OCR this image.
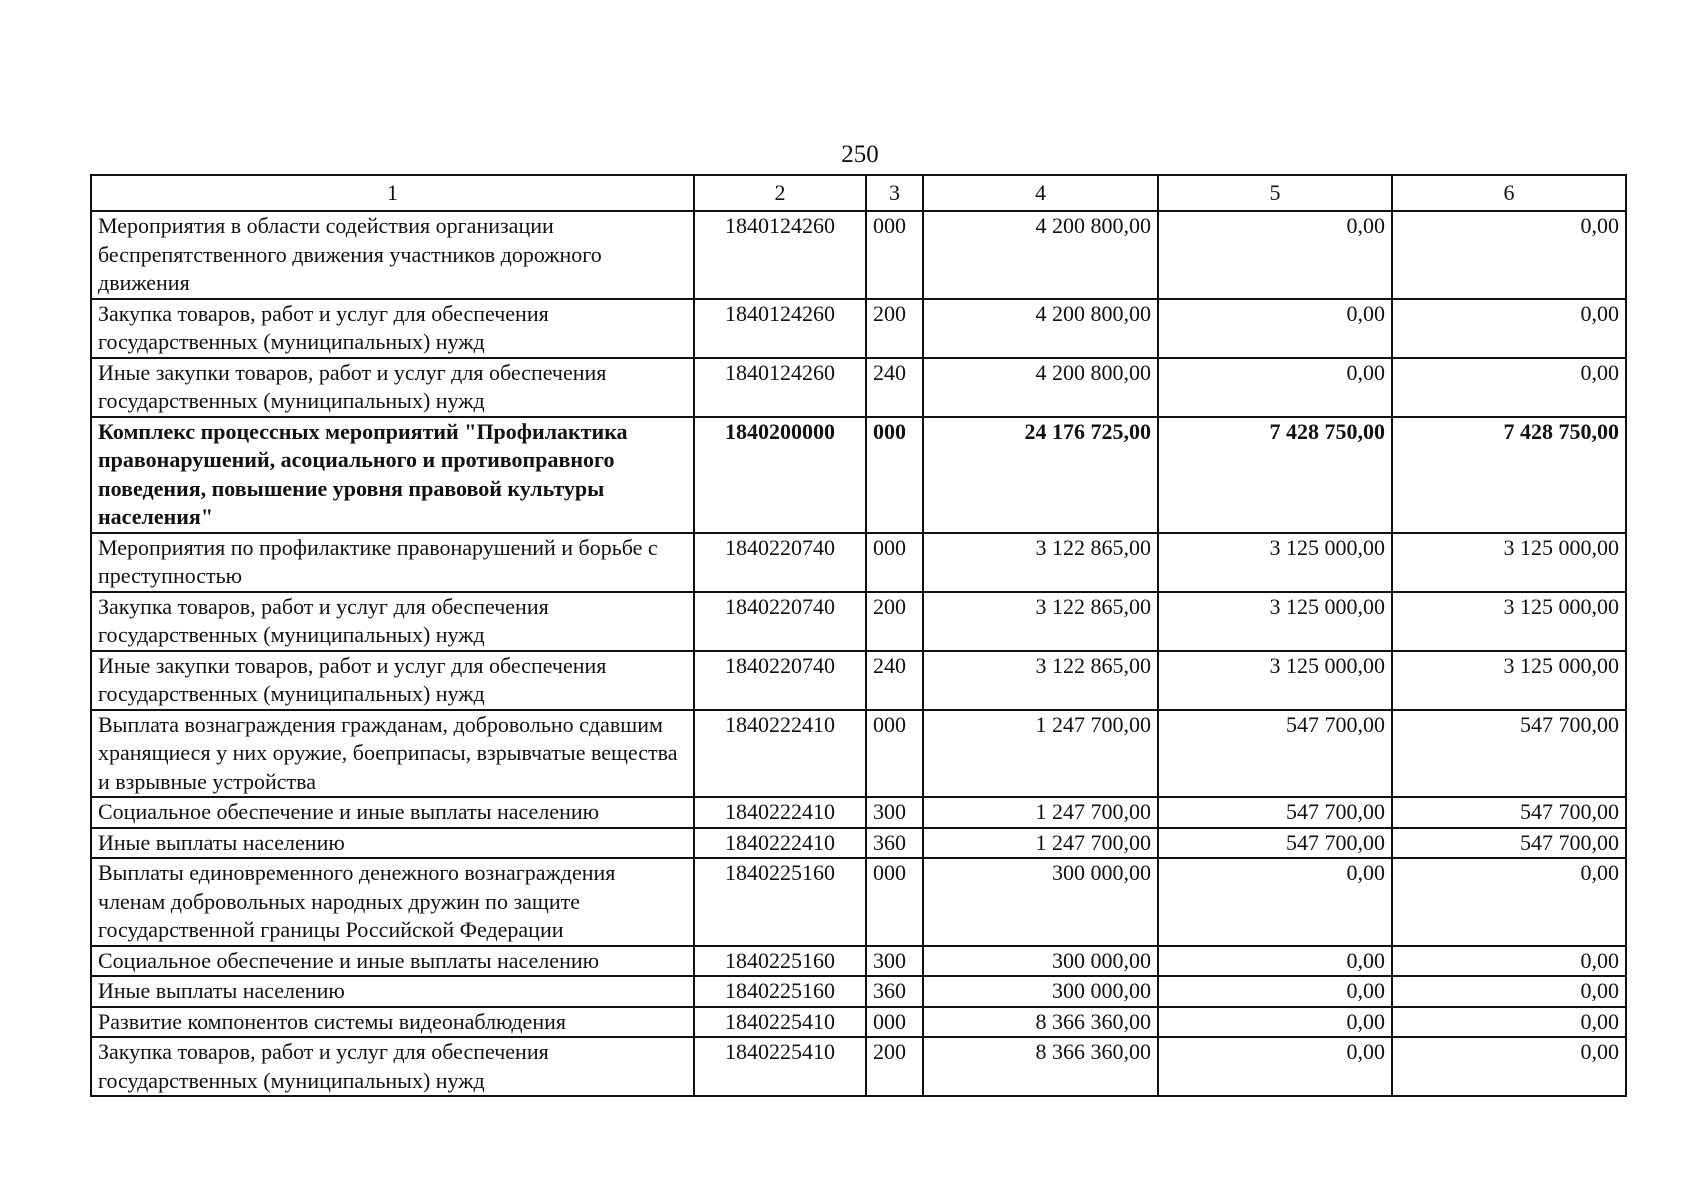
250
1	2	3	4	5	6
Мероприятия в области содействия организации беспрепятственного движения участников дорожного движения	1840124260	000	4 200 800,00	0,00	0,00
Закупка товаров, работ и услуг для обеспечения государственных (муниципальных) нужд	1840124260	200	4 200 800,00	0,00	0,00
Иные закупки товаров, работ и услуг для обеспечения государственных (муниципальных) нужд	1840124260	240	4 200 800,00	0,00	0,00
Комплекс процессных мероприятий "Профилактика правонарушений, асоциального и противоправного поведения, повышение уровня правовой культуры населения"	1840200000	000	24 176 725,00	7 428 750,00	7 428 750,00
Мероприятия по профилактике правонарушений и борьбе с преступностью	1840220740	000	3 122 865,00	3 125 000,00	3 125 000,00
Закупка товаров, работ и услуг для обеспечения государственных (муниципальных) нужд	1840220740	200	3 122 865,00	3 125 000,00	3 125 000,00
Иные закупки товаров, работ и услуг для обеспечения государственных (муниципальных) нужд	1840220740	240	3 122 865,00	3 125 000,00	3 125 000,00
Выплата вознаграждения гражданам, добровольно сдавшим хранящиеся у них оружие, боеприпасы, взрывчатые вещества и взрывные устройства	1840222410	000	1 247 700,00	547 700,00	547 700,00
Социальное обеспечение и иные выплаты населению	1840222410	300	1 247 700,00	547 700,00	547 700,00
Иные выплаты населению	1840222410	360	1 247 700,00	547 700,00	547 700,00
Выплаты единовременного денежного вознаграждения членам добровольных народных дружин по защите государственной границы Российской Федерации	1840225160	000	300 000,00	0,00	0,00
Социальное обеспечение и иные выплаты населению	1840225160	300	300 000,00	0,00	0,00
Иные выплаты населению	1840225160	360	300 000,00	0,00	0,00
Развитие компонентов системы видеонаблюдения	1840225410	000	8 366 360,00	0,00	0,00
Закупка товаров, работ и услуг для обеспечения государственных (муниципальных) нужд	1840225410	200	8 366 360,00	0,00	0,00
